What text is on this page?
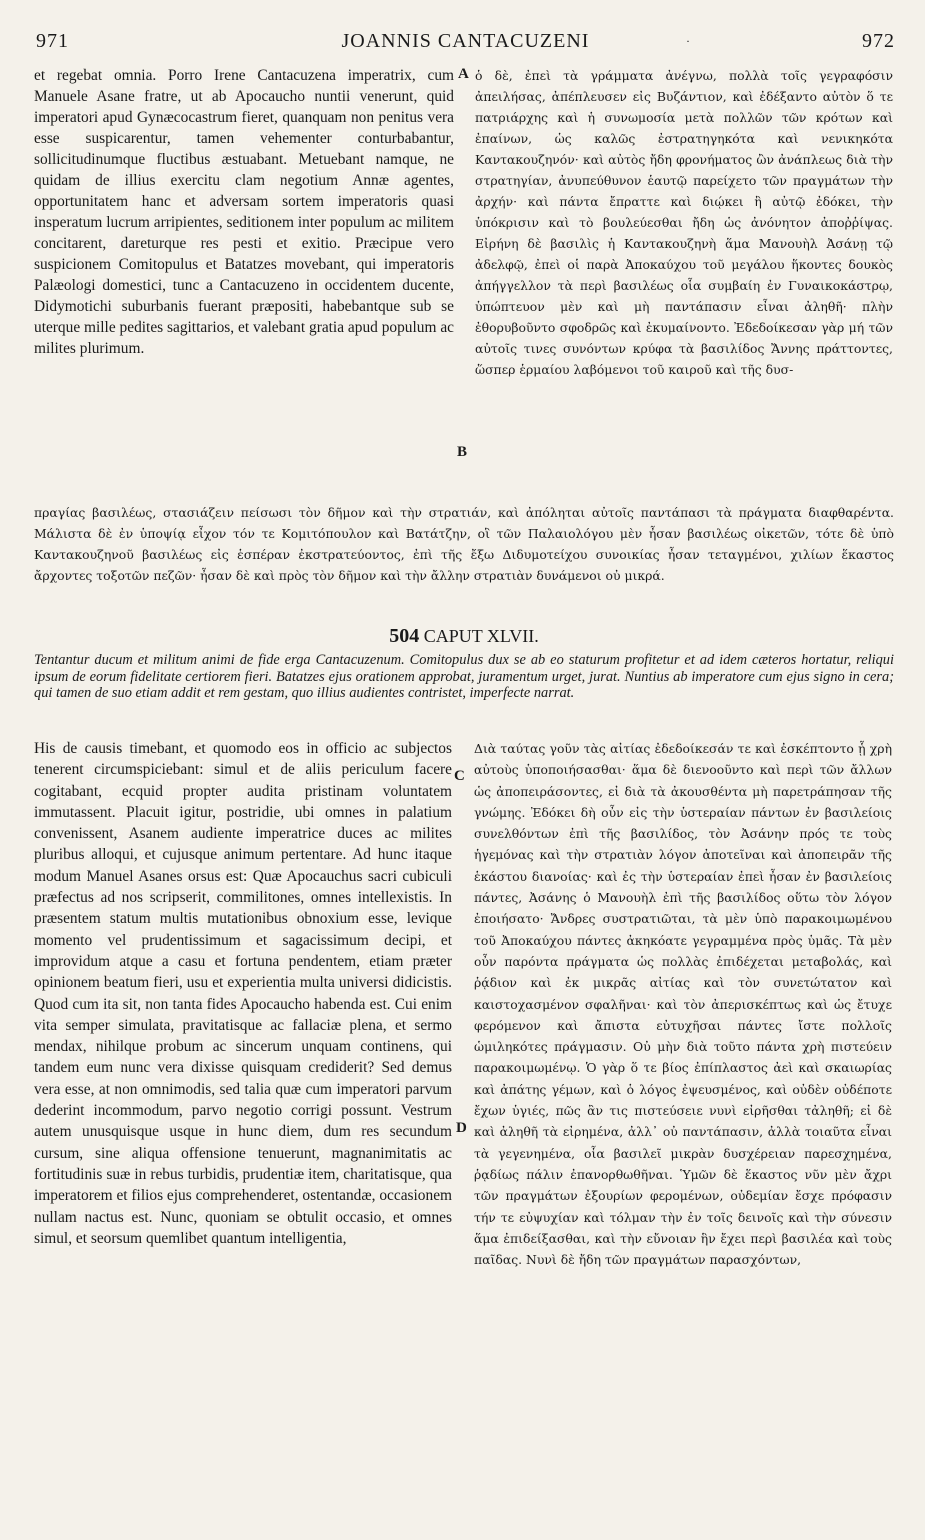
971	JOANNIS CANTACUZENI	·	972
A
B
C
D

et regebat omnia. Porro Irene Cantacuzena imperatrix, cum Manuele Asane fratre, ut ab Apocaucho nuntii venerunt, quid imperatori apud Gynæcocastrum fieret, quanquam non penitus vera esse suspicarentur, tamen vehementer conturbabantur, sollicitudinumque fluctibus æstuabant. Metuebant namque, ne quidam de illius exercitu clam negotium Annæ agentes, opportunitatem hanc et adversam sortem imperatoris quasi insperatum lucrum arripientes, seditionem inter populum ac militem concitarent, dareturque res pesti et exitio. Præcipue vero suspicionem Comitopulus et Batatzes movebant, qui imperatoris Palæologi domestici, tunc a Cantacuzeno in occidentem ducente, Didymotichi suburbanis fuerant præpositi, habebantque sub se uterque mille pedites sagittarios, et valebant gratia apud populum ac milites plurimum.

ὁ δὲ, ἐπεὶ τὰ γράμματα ἀνέγνω, πολλὰ τοῖς γεγραφόσιν ἀπειλήσας, ἀπέπλευσεν εἰς Βυζάντιον, καὶ ἐδέξαντο αὐτὸν ὅ τε πατριάρχης καὶ ἡ συνωμοσία μετὰ πολλῶν τῶν κρότων καὶ ἐπαίνων, ὡς καλῶς ἐστρατηγηκότα καὶ νενικηκότα Καντακουζηνόν· καὶ αὐτὸς ἤδη φρονήματος ὢν ἀνάπλεως διὰ τὴν στρατηγίαν, ἀνυπεύθυνον ἑαυτῷ παρείχετο τῶν πραγμάτων τὴν ἀρχήν· καὶ πάντα ἔπραττε καὶ διῴκει ἣ αὐτῷ ἐδόκει, τὴν ὑπόκρισιν καὶ τὸ βουλεύεσθαι ἤδη ὡς ἀνόνητον ἀποῤῥίψας. Εἰρήνη δὲ βασιλὶς ἡ Καντακουζηνὴ ἅμα Μανουὴλ Ἀσάνῃ τῷ ἀδελφῷ, ἐπεὶ οἱ παρὰ Ἀποκαύχου τοῦ μεγάλου ἥκοντες δουκὸς ἀπήγγελλον τὰ περὶ βασιλέως οἷα συμβαίη ἐν Γυναικοκάστρῳ, ὑπώπτευον μὲν καὶ μὴ παντάπασιν εἶναι ἀληθῆ· πλὴν ἐθορυβοῦντο σφοδρῶς καὶ ἐκυμαίνοντο. Ἐδεδοίκεσαν γὰρ μή τῶν αὐτοῖς τινες συνόντων κρύφα τὰ βασιλίδος Ἄννης πράττοντες, ὥσπερ ἑρμαίου λαβόμενοι τοῦ καιροῦ καὶ τῆς δυσ-

πραγίας βασιλέως, στασιάζειν πείσωσι τὸν δῆμον καὶ τὴν στρατιάν, καὶ ἀπόληται αὐτοῖς παντάπασι τὰ πράγματα διαφθαρέντα. Μάλιστα δὲ ἐν ὑποψίᾳ εἶχον τόν τε Κομιτόπουλον καὶ Βατάτζην, οἳ τῶν Παλαιολόγου μὲν ἦσαν βασιλέως οἰκετῶν, τότε δὲ ὑπὸ Καντακουζηνοῦ βασιλέως εἰς ἑσπέραν ἐκστρατεύοντος, ἐπὶ τῆς ἔξω Διδυμοτείχου συνοικίας ἦσαν τεταγμένοι, χιλίων ἕκαστος ἄρχοντες τοξοτῶν πεζῶν· ἦσαν δὲ καὶ πρὸς τὸν δῆμον καὶ τὴν ἄλλην στρατιὰν δυνάμενοι οὐ μικρά.

504 CAPUT XLVII.
Tentantur ducum et militum animi de fide erga Cantacuzenum. Comitopulus dux se ab eo staturum profitetur et ad idem cæteros hortatur, reliqui ipsum de eorum fidelitate certiorem fieri. Batatzes ejus orationem approbat, juramentum urget, jurat. Nuntius ab imperatore cum ejus signo in cera; qui tamen de suo etiam addit et rem gestam, quo illius audientes contristet, imperfecte narrat.

His de causis timebant, et quomodo eos in officio ac subjectos tenerent circumspiciebant: simul et de aliis periculum facere cogitabant, ecquid propter audita pristinam voluntatem immutassent. Placuit igitur, postridie, ubi omnes in palatium convenissent, Asanem audiente imperatrice duces ac milites pluribus alloqui, et cujusque animum pertentare. Ad hunc itaque modum Manuel Asanes orsus est: Quæ Apocauchus sacri cubiculi præfectus ad nos scripserit, commilitones, omnes intellexistis. In præsentem statum multis mutationibus obnoxium esse, levique momento vel prudentissimum et sagacissimum decipi, et improvidum atque a casu et fortuna pendentem, etiam præter opinionem beatum fieri, usu et experientia multa universi didicistis. Quod cum ita sit, non tanta fides Apocaucho habenda est. Cui enim vita semper simulata, pravitatisque ac fallaciæ plena, et sermo mendax, nihilque probum ac sincerum unquam continens, qui tandem eum nunc vera dixisse quisquam crediderit? Sed demus vera esse, at non omnimodis, sed talia quæ cum imperatori parvum dederint incommodum, parvo negotio corrigi possunt. Vestrum autem unusquisque usque in hunc diem, dum res secundum cursum, sine aliqua offensione tenuerunt, magnanimitatis ac fortitudinis suæ in rebus turbidis, prudentiæ item, charitatisque, qua imperatorem et filios ejus comprehenderet, ostentandæ, occasionem nullam nactus est. Nunc, quoniam se obtulit occasio, et omnes simul, et seorsum quemlibet quantum intelligentia,

Διὰ ταύτας γοῦν τὰς αἰτίας ἐδεδοίκεσάν τε καὶ ἐσκέπτοντο ᾗ χρὴ αὐτοὺς ὑποποιήσασθαι· ἅμα δὲ διενοοῦντο καὶ περὶ τῶν ἄλλων ὡς ἀποπειράσοντες, εἰ διὰ τὰ ἀκουσθέντα μὴ παρετράπησαν τῆς γνώμης. Ἐδόκει δὴ οὖν εἰς τὴν ὑστεραίαν πάντων ἐν βασιλείοις συνελθόντων ἐπὶ τῆς βασιλίδος, τὸν Ἀσάνην πρός τε τοὺς ἡγεμόνας καὶ τὴν στρατιὰν λόγον ἀποτεῖναι καὶ ἀποπειρᾶν τῆς ἑκάστου διανοίας· καὶ ἐς τὴν ὑστεραίαν ἐπεὶ ἦσαν ἐν βασιλείοις πάντες, Ἀσάνης ὁ Μανουὴλ ἐπὶ τῆς βασιλίδος οὕτω τὸν λόγον ἐποιήσατο· Ἄνδρες συστρατιῶται, τὰ μὲν ὑπὸ παρακοιμωμένου τοῦ Ἀποκαύχου πάντες ἀκηκόατε γεγραμμένα πρὸς ὑμᾶς. Τὰ μὲν οὖν παρόντα πράγματα ὡς πολλὰς ἐπιδέχεται μεταβολάς, καὶ ῥᾴδιον καὶ ἐκ μικρᾶς αἰτίας καὶ τὸν συνετώτατον καὶ καιστοχασμένον σφαλῆναι· καὶ τὸν ἀπερισκέπτως καὶ ὡς ἔτυχε φερόμενον καὶ ἄπιστα εὐτυχῆσαι πάντες ἴστε πολλοῖς ὡμιληκότες πράγμασιν. Οὐ μὴν διὰ τοῦτο πάντα χρὴ πιστεύειν παρακοιμωμένῳ. Ὁ γὰρ ὅ τε βίος ἐπίπλαστος ἀεὶ καὶ σκαιωρίας καὶ ἀπάτης γέμων, καὶ ὁ λόγος ἐψευσμένος, καὶ οὐδὲν οὐδέποτε ἔχων ὑγιές, πῶς ἂν τις πιστεύσειε νυνὶ εἰρῆσθαι τἀληθῆ; εἰ δὲ καὶ ἀληθῆ τὰ εἰρημένα, ἀλλ᾽ οὐ παντάπασιν, ἀλλὰ τοιαῦτα εἶναι τὰ γεγενημένα, οἷα βασιλεῖ μικρὰν δυσχέρειαν παρεσχημένα, ῥᾳδίως πάλιν ἐπανορθωθῆναι. Ὑμῶν δὲ ἕκαστος νῦν μὲν ἄχρι τῶν πραγμάτων ἐξουρίων φερομένων, οὐδεμίαν ἔσχε πρόφασιν τήν τε εὐψυχίαν καὶ τόλμαν τὴν ἐν τοῖς δεινοῖς καὶ τὴν σύνεσιν ἅμα ἐπιδείξασθαι, καὶ τὴν εὔνοιαν ἣν ἔχει περὶ βασιλέα καὶ τοὺς παῖδας. Νυνὶ δὲ ἤδη τῶν πραγμάτων παρασχόντων,
